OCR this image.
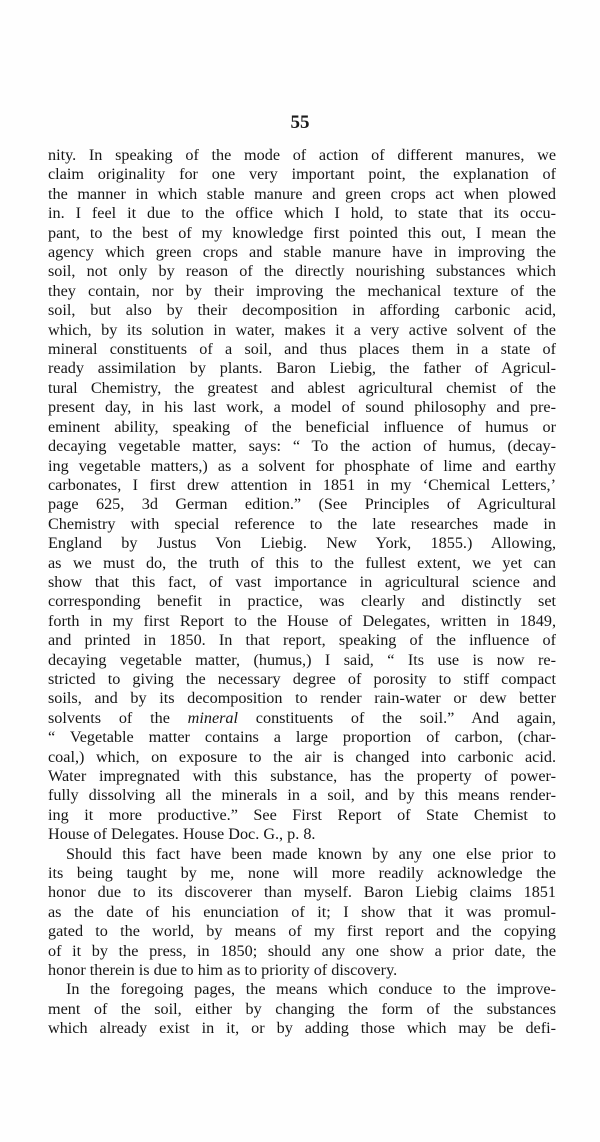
55
nity. In speaking of the mode of action of different manures, we
claim originality for one very important point, the explanation of
the manner in which stable manure and green crops act when plowed
in. I feel it due to the office which I hold, to state that its occu-
pant, to the best of my knowledge first pointed this out, I mean the
agency which green crops and stable manure have in improving the
soil, not only by reason of the directly nourishing substances which
they contain, nor by their improving the mechanical texture of the
soil, but also by their decomposition in affording carbonic acid,
which, by its solution in water, makes it a very active solvent of the
mineral constituents of a soil, and thus places them in a state of
ready assimilation by plants. Baron Liebig, the father of Agricul-
tural Chemistry, the greatest and ablest agricultural chemist of the
present day, in his last work, a model of sound philosophy and pre-
eminent ability, speaking of the beneficial influence of humus or
decaying vegetable matter, says: “ To the action of humus, (decay-
ing vegetable matters,) as a solvent for phosphate of lime and earthy
carbonates, I first drew attention in 1851 in my ‘Chemical Letters,’
page 625, 3d German edition.” (See Principles of Agricultural
Chemistry with special reference to the late researches made in
England by Justus Von Liebig. New York, 1855.) Allowing,
as we must do, the truth of this to the fullest extent, we yet can
show that this fact, of vast importance in agricultural science and
corresponding benefit in practice, was clearly and distinctly set
forth in my first Report to the House of Delegates, written in 1849,
and printed in 1850. In that report, speaking of the influence of
decaying vegetable matter, (humus,) I said, “ Its use is now re-
stricted to giving the necessary degree of porosity to stiff compact
soils, and by its decomposition to render rain-water or dew better
solvents of the mineral constituents of the soil.” And again,
“ Vegetable matter contains a large proportion of carbon, (char-
coal,) which, on exposure to the air is changed into carbonic acid.
Water impregnated with this substance, has the property of power-
fully dissolving all the minerals in a soil, and by this means render-
ing it more productive.” See First Report of State Chemist to
House of Delegates. House Doc. G., p. 8.
Should this fact have been made known by any one else prior to
its being taught by me, none will more readily acknowledge the
honor due to its discoverer than myself. Baron Liebig claims 1851
as the date of his enunciation of it; I show that it was promul-
gated to the world, by means of my first report and the copying
of it by the press, in 1850; should any one show a prior date, the
honor therein is due to him as to priority of discovery.
In the foregoing pages, the means which conduce to the improve-
ment of the soil, either by changing the form of the substances
which already exist in it, or by adding those which may be defi-
